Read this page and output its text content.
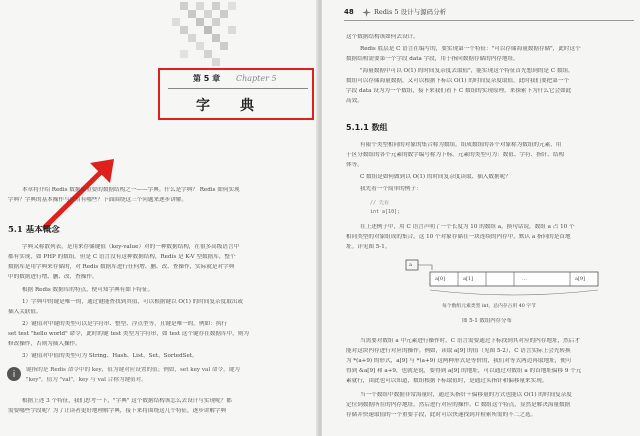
第 5 章 Chapter 5
字　典
本章将介绍 Redis 数据库重要的数据结构之一——字典。什么是字典？ Redis 如何实现
字典？字典的基本操作与应用有哪些？下面围绕这三个问题来逐步讲解。
5.1 基本概念
字典又称散列表，是用来存储键值（key-value）对的一种数据结构，在很多高级语言中
都有实现，如 PHP 的数组。但是 C 语言没有这种数据结构，Redis 是 K-V 型数据库，整个
数据库是用字典来存储的，对 Redis 数据库进行任何增、删、改、查操作，实际就是对字典
中的数据进行增、删、改、查操作。
根据 Redis 数据库的特点，便可知字典有如下特征。
1）字典中的键是唯一的，通过键能查找到其值，可以根据键以 O(1) 的时间复杂度取出或
插入关联值。
2）键值对中键的类型可以是字符串、整型、浮点型等，且键是唯一的。例如：执行
set test "hello world" 命令，此时的键 test 类型为字符串，如 test 这个键存在数据库中，则为
修改操作，否则为插入操作。
3）键值对中值的类型可为 String、Hash、List、Set、SortedSet。
i 键指的是 Redis 命令中的 key，值为键对应设置的值；例如，set key val 命令，键为
"key"，值为 "val"，key 与 val 合称为键值对。
根据上述 3 个特征，我们思考一下，"字典" 这个数据结构该怎么去设计与实现呢？都
需要哪些字段呢？为了让读者更好地理解字典，接下来将围绕这几个特征，逐步讲解字典
48	Redis 5 设计与源码分析
这个数据结构该如何去设计。
Redis 底层是 C 语言在编写的，要实现第一个特征："可以存储海量数据存储"，此时这个
数据结构需要第一个字段 data 字段，用于指向数据存储的内存地址。
"海量数据中可以 O(1) 的时间复杂度去取值"，能实现这个特征首先想到的是 C 数组，
数组可以存储海量数据，又可以根据下标以 O(1) 的时间复杂度取值，此时我们要把第一个
字段 data 设为为一个数组，接下来我们看下 C 数组的实现原理，来探索下为什么它会如此
高效。
5.1.1 数组
有限个类型相同的对象的集合称为数组。组成数组的各个对象称为数组的元素，用
于区分数组的各个元素的数字编号称为下标。元素的类型可为：数值、字符、指针、结构
体等。
C 数组是如何做到以 O(1) 的时间复杂度读取、插入数据呢？
我先看一个简单的例子：
// 先看
int a[10];
在上述例子中，用 C 语言声明了一个长度为 10 的数组 a，换句话说，数组 a 占 10 个
相同类型的对象组成的集合，这 10 个对象存储在一块连续的内存中，默认 a 指向的是首地
址。详见图 5-1。
a
a[0]	a[1]	…	a[9]
每个数组元素类型 int，总内存占用 40 字节
图 5-1 数组内存分布
当需要对数组 a 中元素进行操作时，C 语言需要通过下标找到其对应的内存地址，然后才
能对这块内存进行对应的操作。例如，读取 a[9] 的值（见图 5-2），C 语言实际上会先转换
为 *(a+9) 的形式，a[9] 与 *(a+9) 这两种形式是等价的，我们对等式两边再取地址，便可
得到 &a[9] 和 a+9，也就是说，要得到 a[9] 的地址，可以通过对数组 a 的首地址偏移 9 个元
素就行，由此也可以知道，数组根据下标取值时，是通过头指针和偏移量来实现。
当一个数组中数据非常海量时，通过头指针＋偏移量的方式也能以 O(1) 的时间复杂度
定位到数据所在的内存地址，然后进行对应的操作。C 数组这个特点，显然是解决海量数据
存储并快速取值的一个重要手段，此时可以快速找到并检索所需的不二之选。
